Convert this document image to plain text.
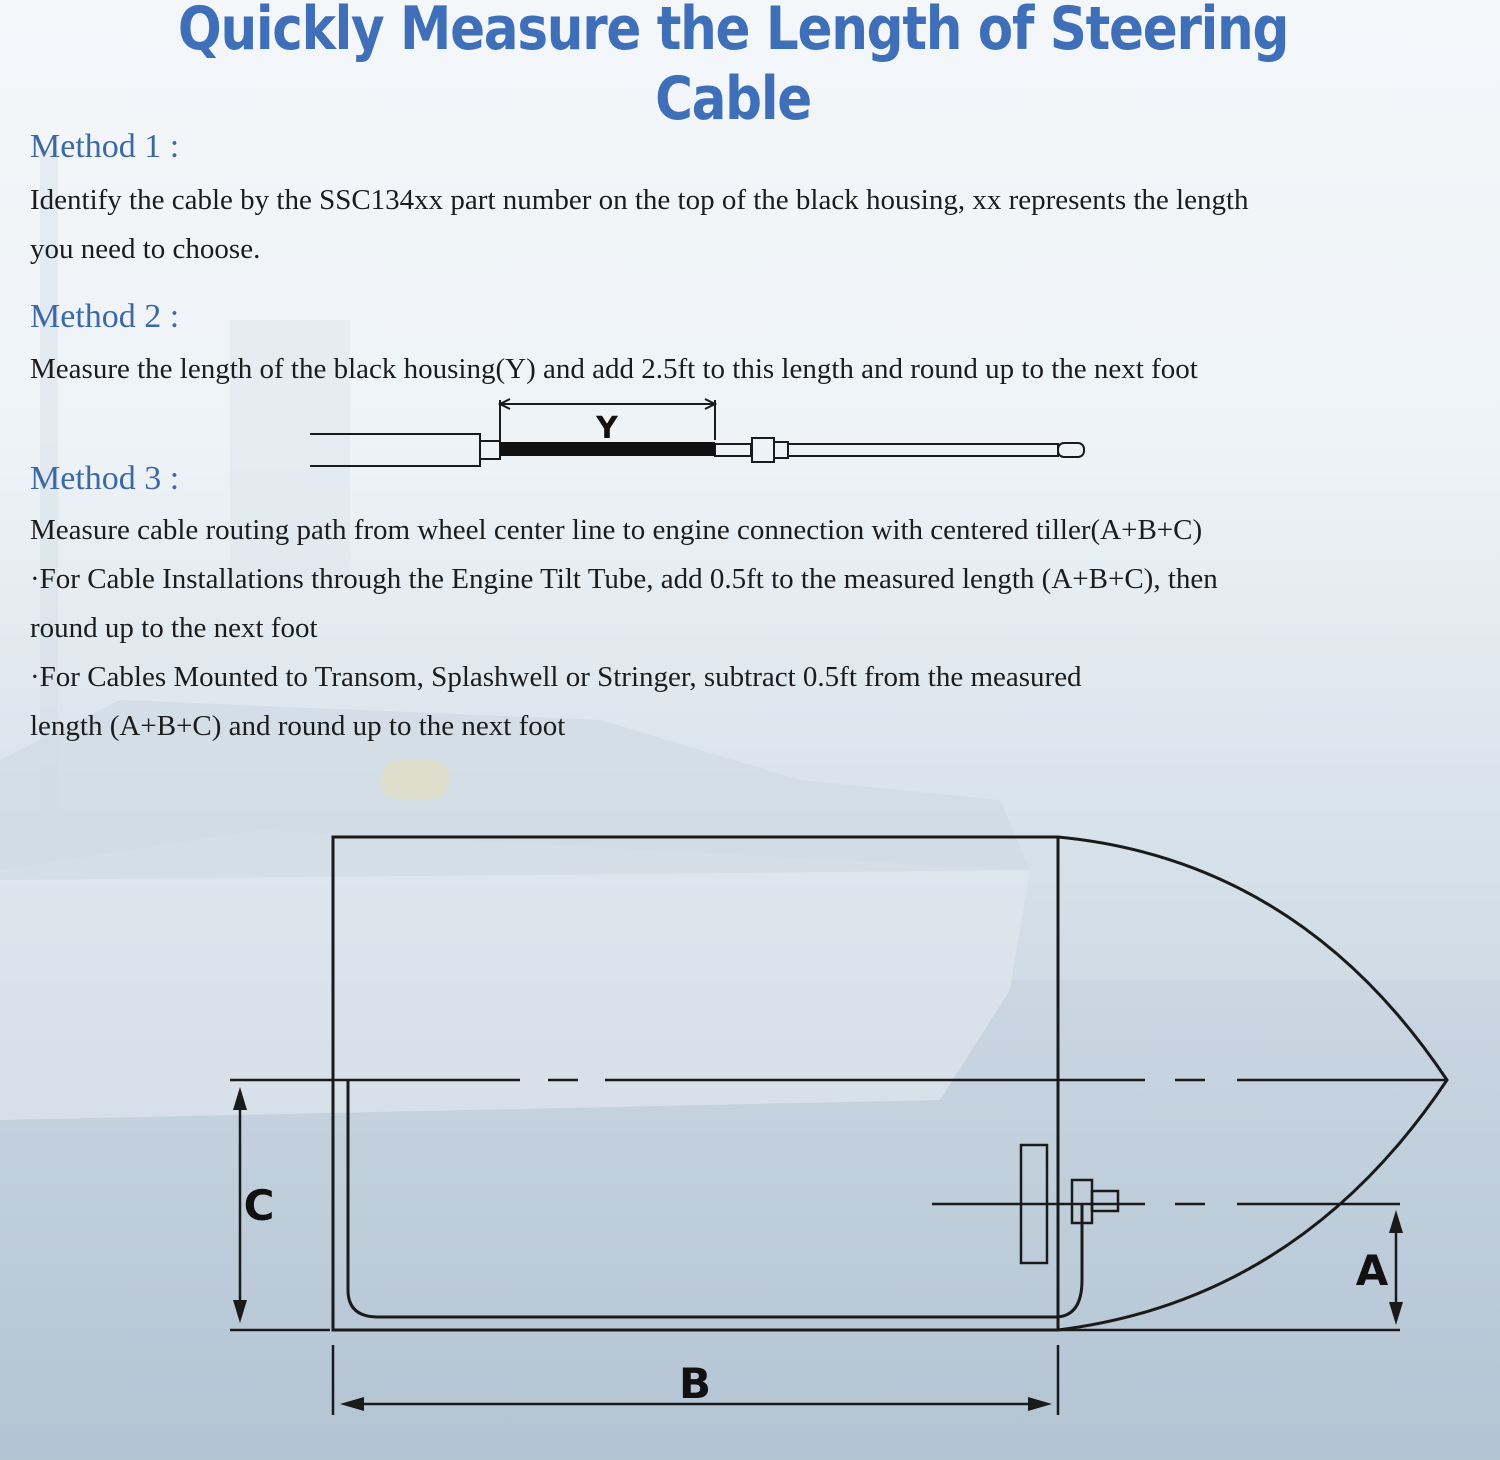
Quickly Measure the Length of Steering Cable
Method 1 :
Identify the cable by the SSC134xx part number on the top of the black housing, xx represents the length
you need to choose.
Method 2 :
Measure the length of the black housing(Y) and add 2.5ft to this length and round up to the next foot
Y
Method 3 :
Measure cable routing path from wheel center line to engine connection with centered tiller(A+B+C)
·For Cable Installations through the Engine Tilt Tube, add 0.5ft to the measured length (A+B+C), then
round up to the next foot
·For Cables Mounted to Transom, Splashwell or Stringer, subtract 0.5ft from the measured
length (A+B+C) and round up to the next foot
C
A
B
